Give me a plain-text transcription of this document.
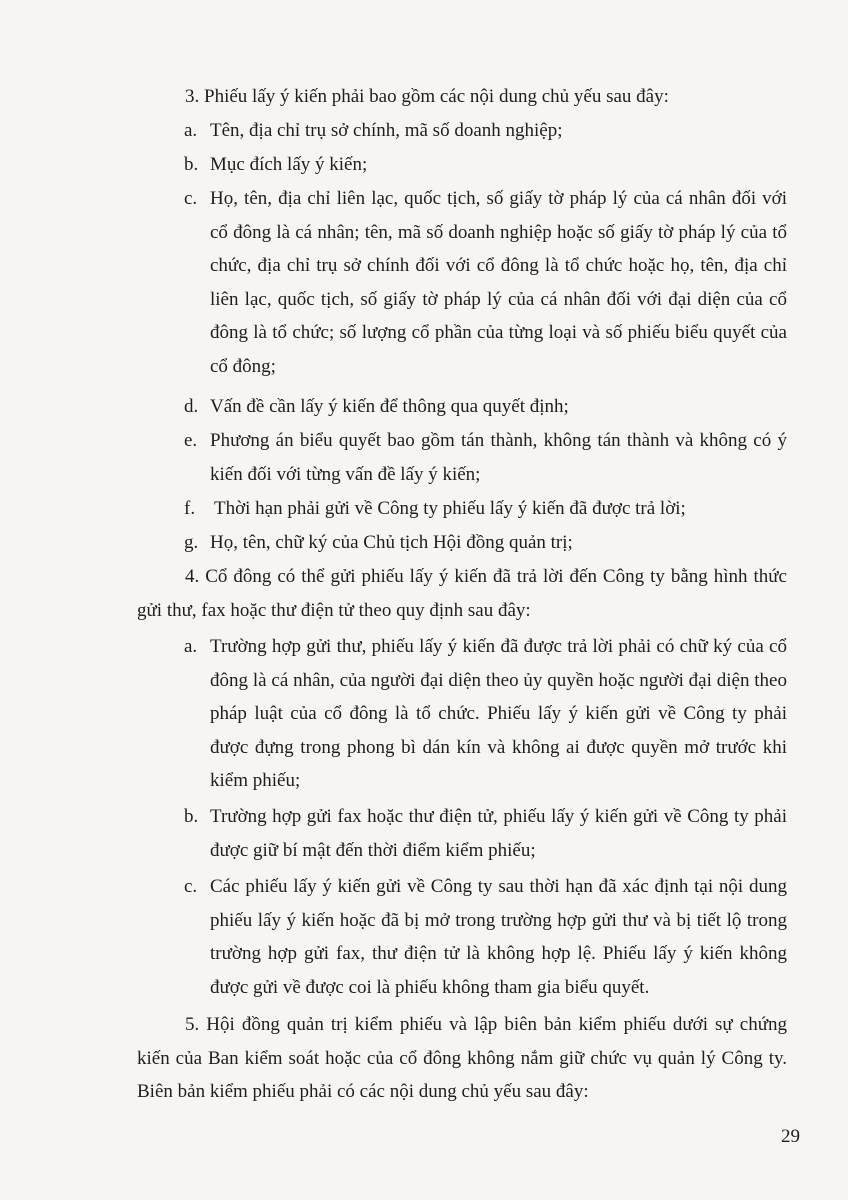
3. Phiếu lấy ý kiến phải bao gồm các nội dung chủ yếu sau đây:

a. Tên, địa chỉ trụ sở chính, mã số doanh nghiệp;
b. Mục đích lấy ý kiến;
c. Họ, tên, địa chỉ liên lạc, quốc tịch, số giấy tờ pháp lý của cá nhân đối với cổ đông là cá nhân; tên, mã số doanh nghiệp hoặc số giấy tờ pháp lý của tổ chức, địa chỉ trụ sở chính đối với cổ đông là tổ chức hoặc họ, tên, địa chỉ liên lạc, quốc tịch, số giấy tờ pháp lý của cá nhân đối với đại diện của cổ đông là tổ chức; số lượng cổ phần của từng loại và số phiếu biểu quyết của cổ đông;
d. Vấn đề cần lấy ý kiến để thông qua quyết định;
e. Phương án biểu quyết bao gồm tán thành, không tán thành và không có ý kiến đối với từng vấn đề lấy ý kiến;
f. Thời hạn phải gửi về Công ty phiếu lấy ý kiến đã được trả lời;
g. Họ, tên, chữ ký của Chủ tịch Hội đồng quản trị;

4. Cổ đông có thể gửi phiếu lấy ý kiến đã trả lời đến Công ty bằng hình thức gửi thư, fax hoặc thư điện tử theo quy định sau đây:

a. Trường hợp gửi thư, phiếu lấy ý kiến đã được trả lời phải có chữ ký của cổ đông là cá nhân, của người đại diện theo ủy quyền hoặc người đại diện theo pháp luật của cổ đông là tổ chức. Phiếu lấy ý kiến gửi về Công ty phải được đựng trong phong bì dán kín và không ai được quyền mở trước khi kiểm phiếu;
b. Trường hợp gửi fax hoặc thư điện tử, phiếu lấy ý kiến gửi về Công ty phải được giữ bí mật đến thời điểm kiểm phiếu;
c. Các phiếu lấy ý kiến gửi về Công ty sau thời hạn đã xác định tại nội dung phiếu lấy ý kiến hoặc đã bị mở trong trường hợp gửi thư và bị tiết lộ trong trường hợp gửi fax, thư điện tử là không hợp lệ. Phiếu lấy ý kiến không được gửi về được coi là phiếu không tham gia biểu quyết.

5. Hội đồng quản trị kiểm phiếu và lập biên bản kiểm phiếu dưới sự chứng kiến của Ban kiểm soát hoặc của cổ đông không nắm giữ chức vụ quản lý Công ty. Biên bản kiểm phiếu phải có các nội dung chủ yếu sau đây:

29
